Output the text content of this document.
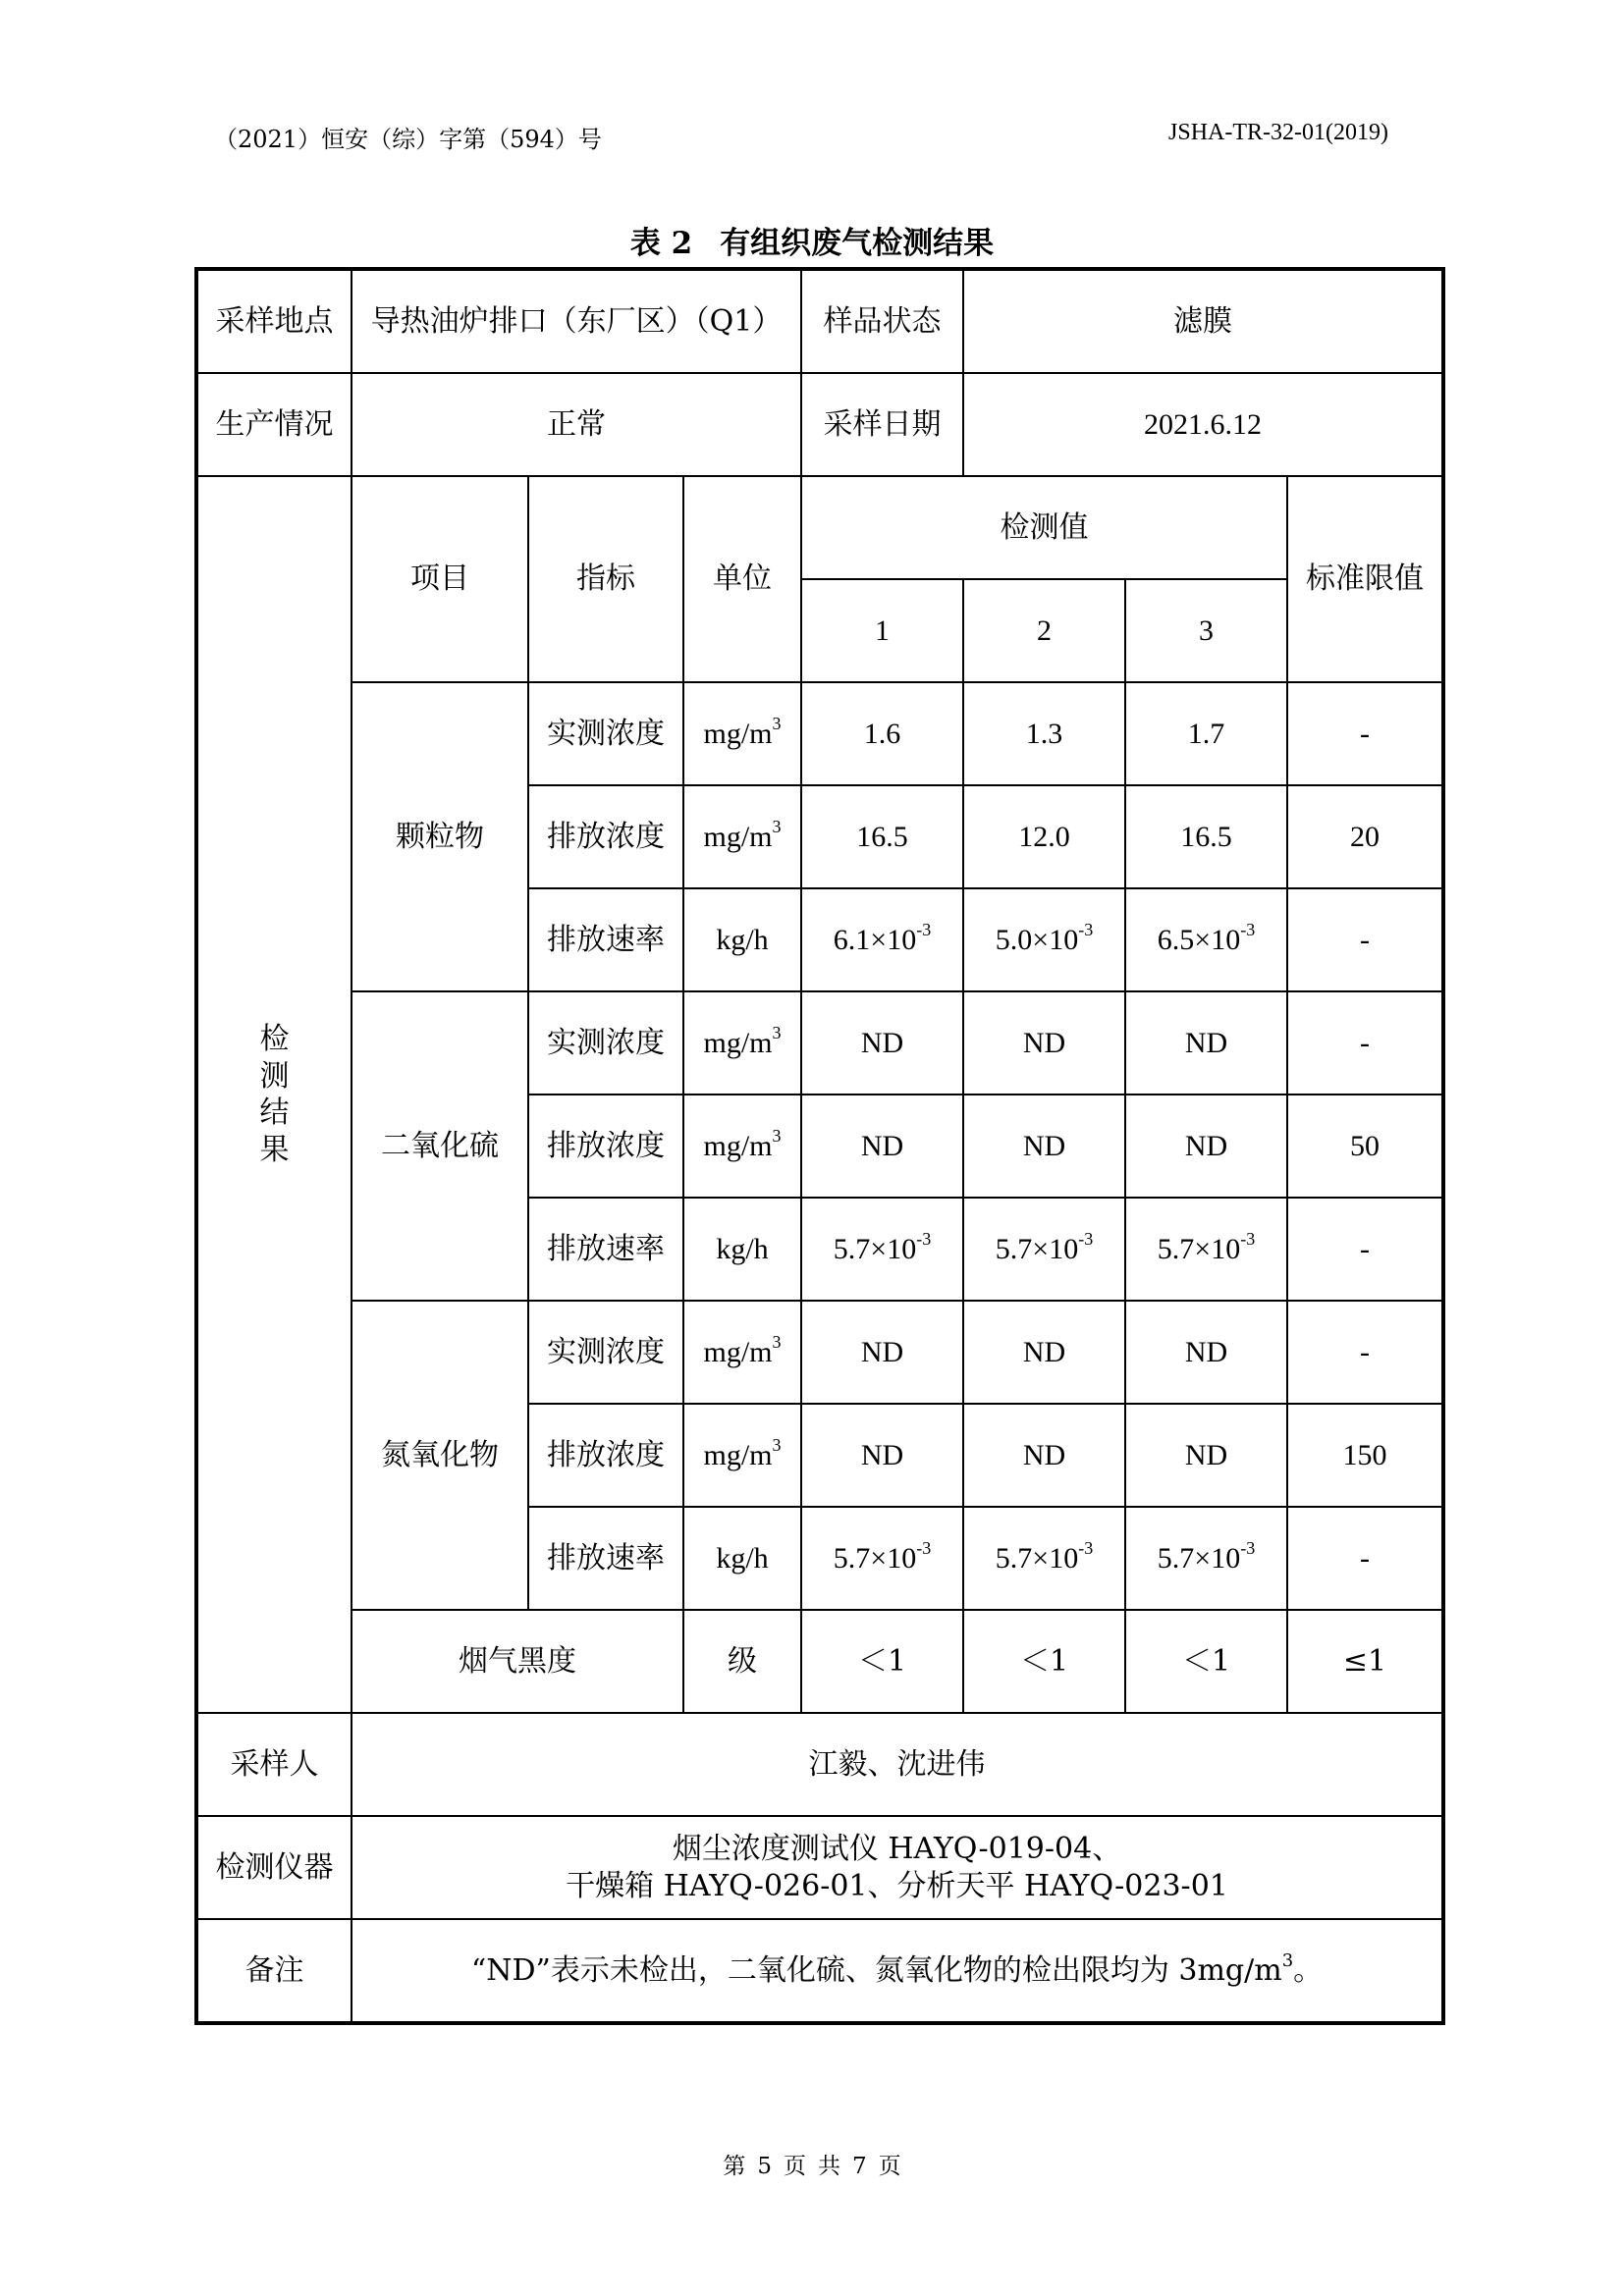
（2021）恒安（综）字第（594）号	JSHA-TR-32-01(2019)
表 2 有组织废气检测结果
采样地点	导热油炉排口（东厂区）（Q1）			样品状态	滤膜		
生产情况	正常			采样日期	2021.6.12		

检
测
结
果	项目	指标	单位	检测值			标准限值
				1	2	3	
	颗粒物	实测浓度	$mg/m^3$	1.6	1.3	1.7	-
		排放浓度	$mg/m^3$	16.5	12.0	16.5	20
		排放速率	kg/h	$6.1\times 10^{-3}$	$5.0\times 10^{-3}$	$6.5\times 10^{-3}$	-
	二氧化硫	实测浓度	$mg/m^3$	ND	ND	ND	-
		排放浓度	$mg/m^3$	ND	ND	ND	50
		排放速率	kg/h	$5.7\times 10^{-3}$	$5.7\times 10^{-3}$	$5.7\times 10^{-3}$	-
	氮氧化物	实测浓度	$mg/m^3$	ND	ND	ND	-
		排放浓度	$mg/m^3$	ND	ND	ND	150
		排放速率	kg/h	$5.7\times 10^{-3}$	$5.7\times 10^{-3}$	$5.7\times 10^{-3}$	-
	烟气黑度		级	＜1	＜1	＜1	≤1
采样人	江毅、沈进伟						
检测仪器	烟尘浓度测试仪 HAYQ-019-04、
干燥箱 HAYQ-026-01、分析天平 HAYQ-023-01						

备注	“ND”表示未检出，二氧化硫、氮氧化物的检出限均为 $3mg/m^3$。						
第 5 页 共 7 页
